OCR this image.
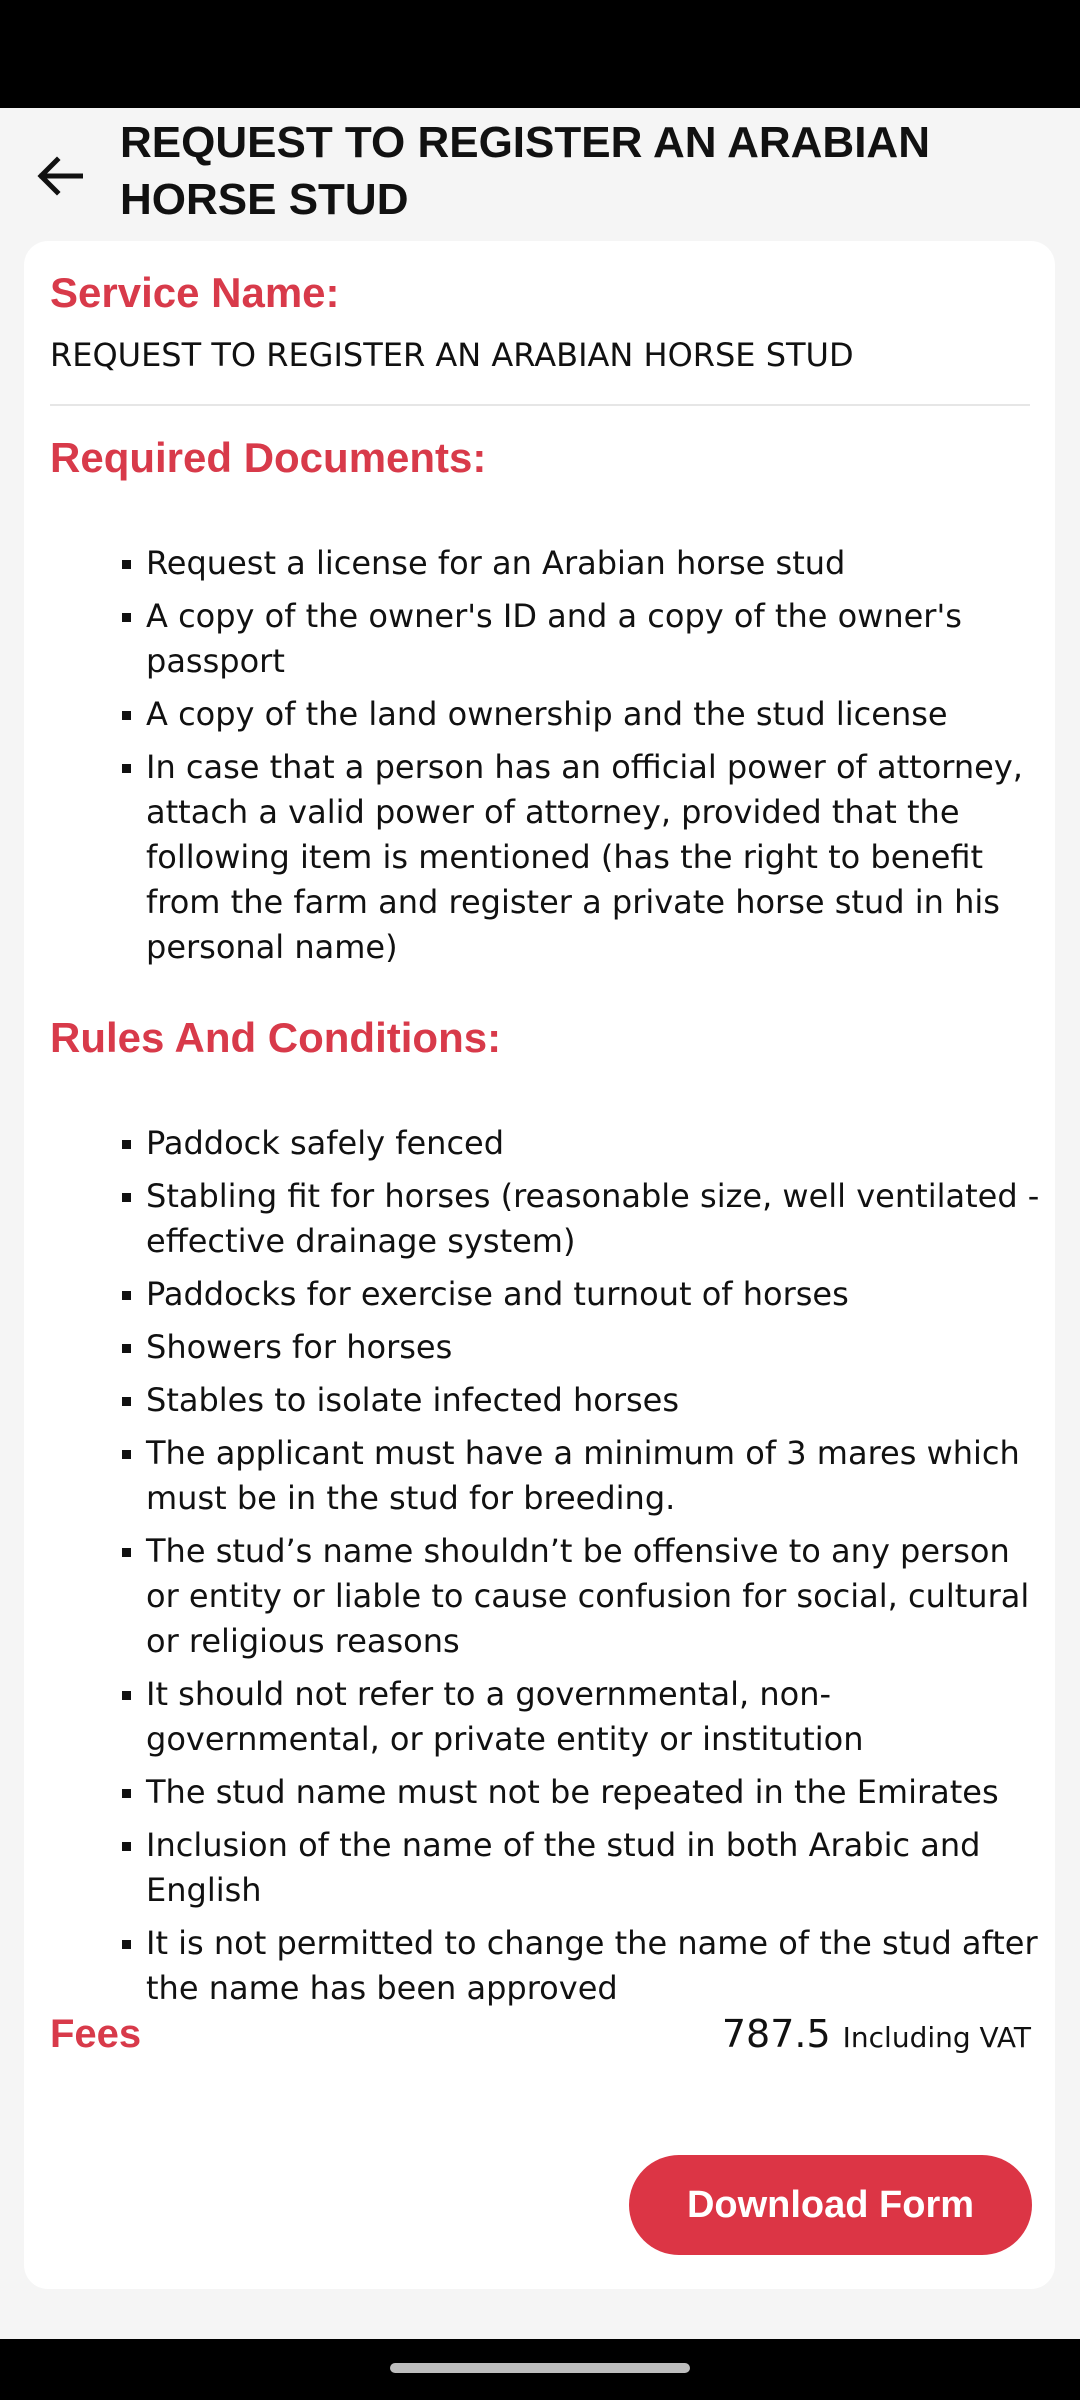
REQUEST TO REGISTER AN ARABIAN HORSE STUD
Service Name:
REQUEST TO REGISTER AN ARABIAN HORSE STUD
Required Documents:
Request a license for an Arabian horse stud
A copy of the owner's ID and a copy of the owner's passport
A copy of the land ownership and the stud license
In case that a person has an official power of attorney, attach a valid power of attorney, provided that the following item is mentioned (has the right to benefit from the farm and register a private horse stud in his personal name)
Rules And Conditions:
Paddock safely fenced
Stabling fit for horses (reasonable size, well ventilated - effective drainage system)
Paddocks for exercise and turnout of horses
Showers for horses
Stables to isolate infected horses
The applicant must have a minimum of 3 mares which must be in the stud for breeding.
The stud’s name shouldn’t be offensive to any person or entity or liable to cause confusion for social, cultural or religious reasons
It should not refer to a governmental, non-governmental, or private entity or institution
The stud name must not be repeated in the Emirates
Inclusion of the name of the stud in both Arabic and English
It is not permitted to change the name of the stud after the name has been approved
Fees	787.5 Including VAT
Download Form
